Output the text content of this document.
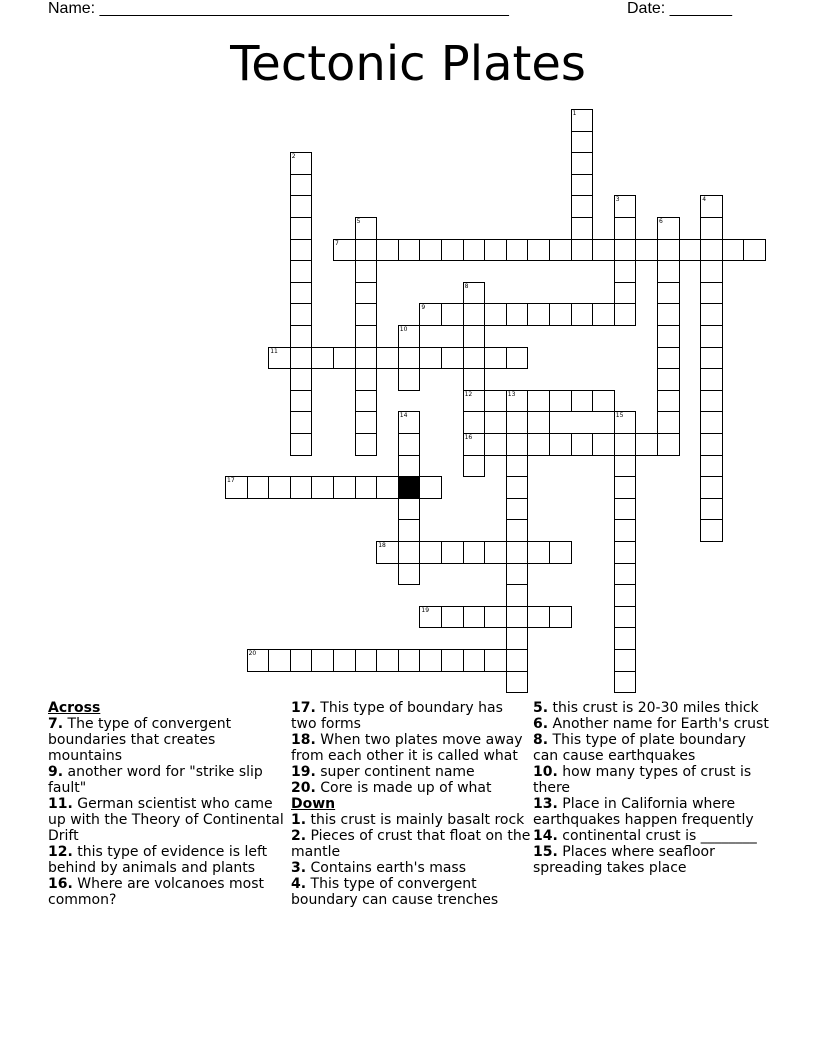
Name: ______________________________________________	Date: _______
Tectonic Plates
7
9
11
12	13
16
17
18
19
20
1
2
3	4
5	6
8
10
14	15
Across
7. The type of convergent boundaries that creates mountains
9. another word for "strike slip fault"
11. German scientist who came up with the Theory of Continental Drift
12. this type of evidence is left behind by animals and plants
16. Where are volcanoes most common?
17. This type of boundary has two forms
18. When two plates move away from each other it is called what
19. super continent name
20. Core is made up of what
Down
1. this crust is mainly basalt rock
2. Pieces of crust that float on the mantle
3. Contains earth's mass
4. This type of convergent boundary can cause trenches
5. this crust is 20-30 miles thick
6. Another name for Earth's crust
8. This type of plate boundary can cause earthquakes
10. how many types of crust is there
13. Place in California where earthquakes happen frequently
14. continental crust is ________
15. Places where seafloor spreading takes place
